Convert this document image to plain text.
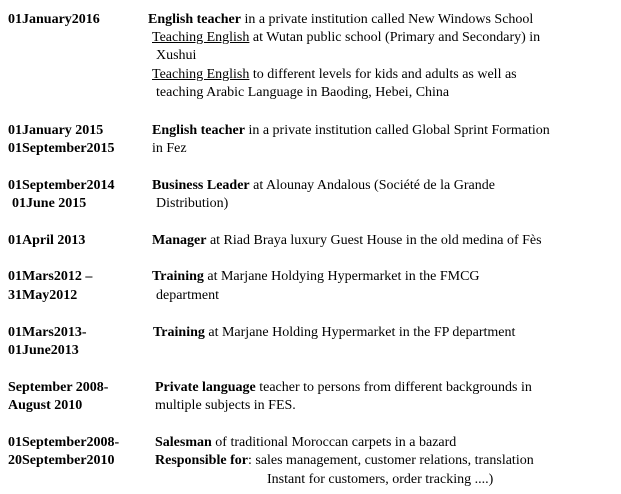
01January2016	English teacher in a private institution called New Windows School
Teaching English at Wutan public school (Primary and Secondary) in
Xushui
Teaching English to different levels for kids and adults as well as
teaching Arabic Language in Baoding, Hebei, China
01January 2015
01September2015
English teacher in a private institution called Global Sprint Formation
in Fez
01September2014
01June 2015
Business Leader at Alounay Andalous (Société de la Grande
Distribution)
01April 2013	Manager at Riad Braya luxury Guest House in the old medina of Fès
01Mars2012 –
31May2012
Training at Marjane Holdying Hypermarket in the FMCG
department
01Mars2013-
01June2013
Training at Marjane Holding Hypermarket in the FP department
September 2008-
August 2010
Private language teacher to persons from different backgrounds in
multiple subjects in FES.
01September2008-
20September2010
Salesman of traditional Moroccan carpets in a bazard
Responsible for: sales management, customer relations, translation
Instant for customers, order tracking ....)
